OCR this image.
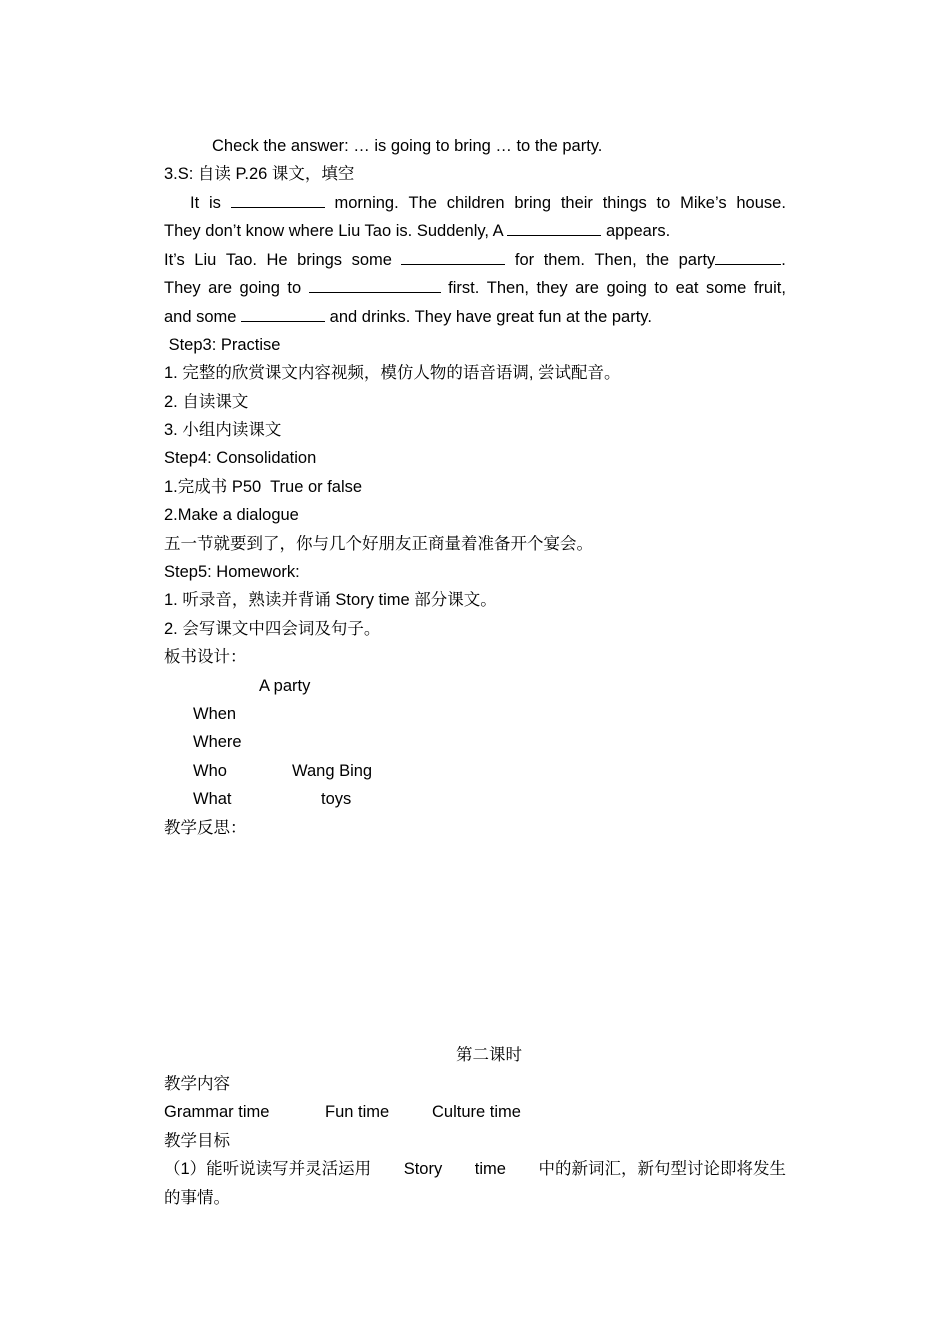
Check the answer: … is going to bring … to the party.
3.S: 自读 P.26 课文，填空
It is	morning. The children bring their things to Mike’s house.
They don’t know where Liu Tao is. Suddenly, A	appears.
It’s Liu Tao. He brings some	for them. Then, the party	.
They are going to	first. Then, they are going to eat some fruit,
and some	and drinks. They have great fun at the party.
Step3: Practise
1. 完整的欣赏课文内容视频，模仿人物的语音语调, 尝试配音。
2. 自读课文
3. 小组内读课文
Step4: Consolidation
1.完成书 P50  True or false
2.Make a dialogue
五一节就要到了，你与几个好朋友正商量着准备开个宴会。
Step5: Homework:
1. 听录音，熟读并背诵 Story time 部分课文。
2. 会写课文中四会词及句子。
板书设计：
A party
When
Where
Who	Wang Bing
What	toys
教学反思：
第二课时
教学内容
Grammar time	Fun time	Culture time
教学目标
（1）能听说读写并灵活运用 Story time 中的新词汇，新句型讨论即将发生
的事情。
